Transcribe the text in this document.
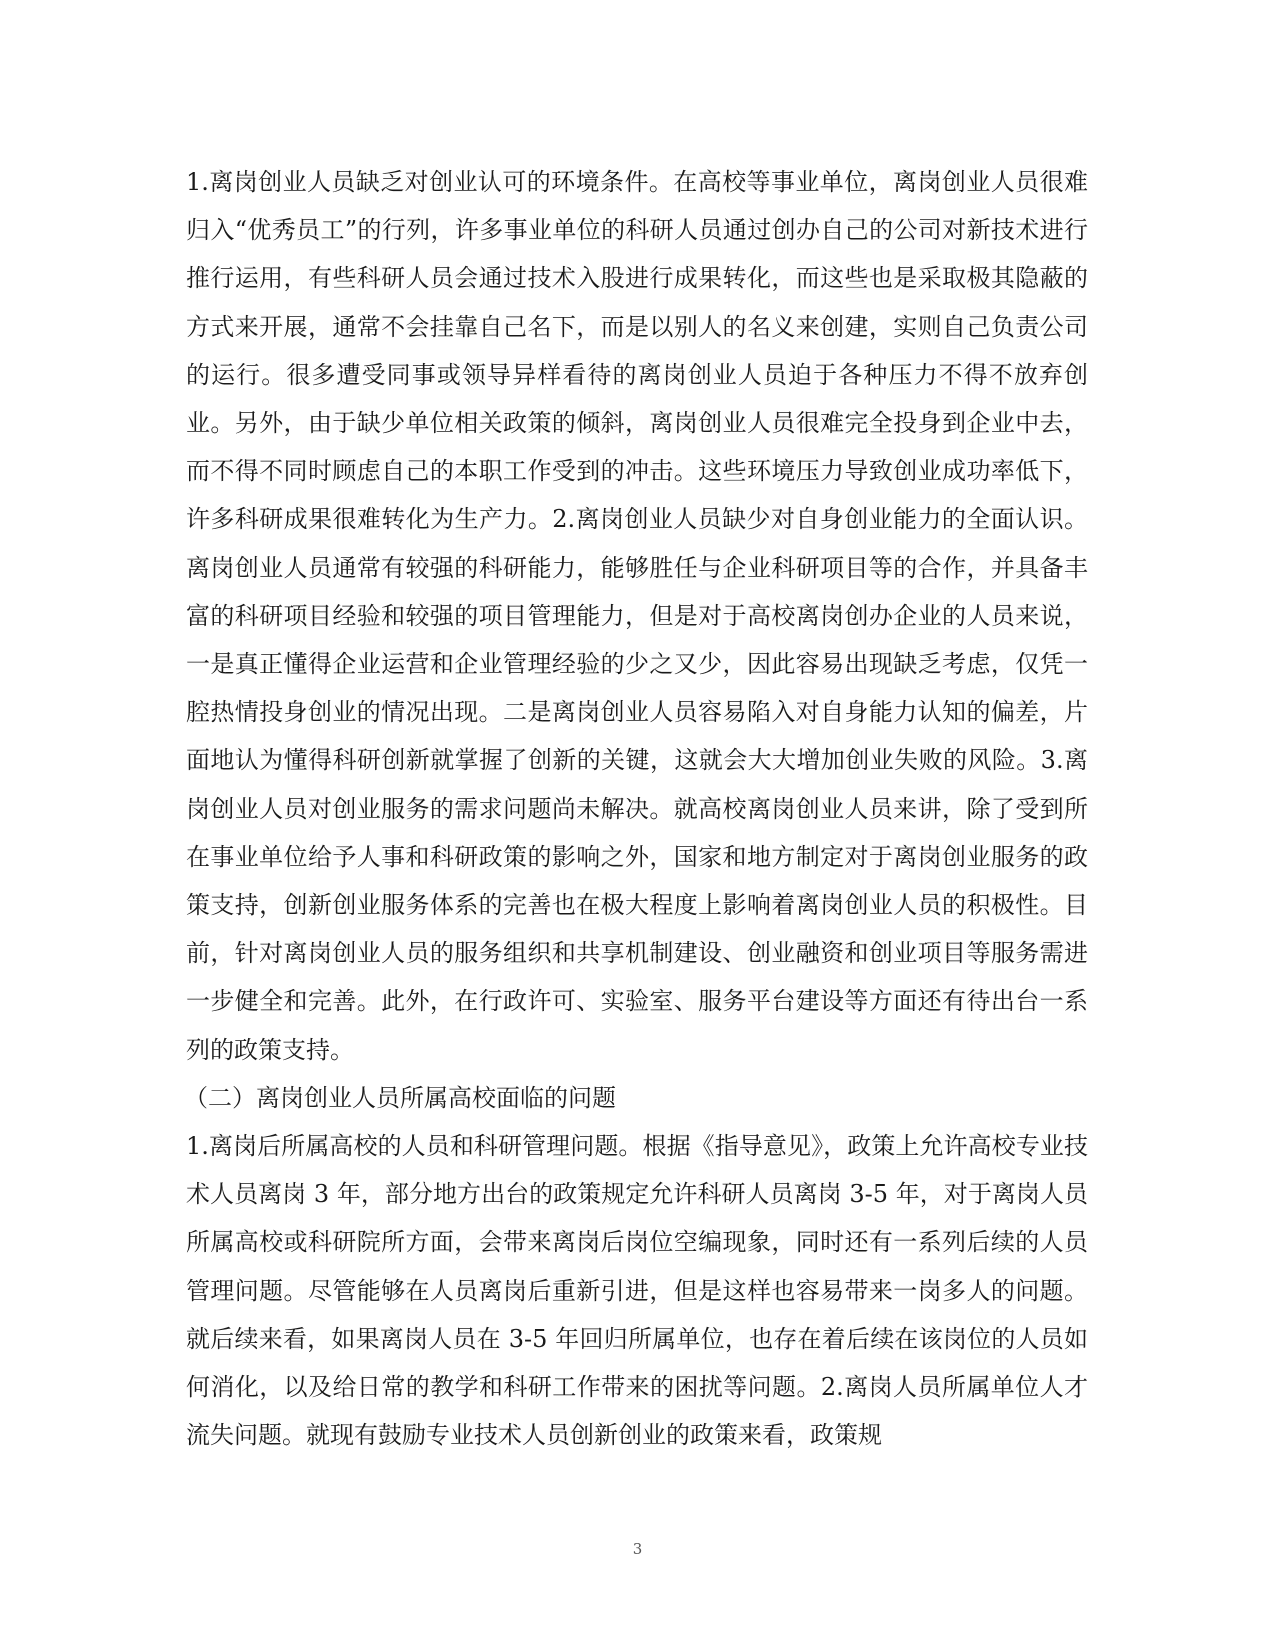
1.离岗创业人员缺乏对创业认可的环境条件。在高校等事业单位，离岗创业人员很难归入“优秀员工”的行列，许多事业单位的科研人员通过创办自己的公司对新技术进行推行运用，有些科研人员会通过技术入股进行成果转化，而这些也是采取极其隐蔽的方式来开展，通常不会挂靠自己名下，而是以别人的名义来创建，实则自己负责公司的运行。很多遭受同事或领导异样看待的离岗创业人员迫于各种压力不得不放弃创业。另外，由于缺少单位相关政策的倾斜，离岗创业人员很难完全投身到企业中去，而不得不同时顾虑自己的本职工作受到的冲击。这些环境压力导致创业成功率低下，许多科研成果很难转化为生产力。2.离岗创业人员缺少对自身创业能力的全面认识。离岗创业人员通常有较强的科研能力，能够胜任与企业科研项目等的合作，并具备丰富的科研项目经验和较强的项目管理能力，但是对于高校离岗创办企业的人员来说，一是真正懂得企业运营和企业管理经验的少之又少，因此容易出现缺乏考虑，仅凭一腔热情投身创业的情况出现。二是离岗创业人员容易陷入对自身能力认知的偏差，片面地认为懂得科研创新就掌握了创新的关键，这就会大大增加创业失败的风险。3.离岗创业人员对创业服务的需求问题尚未解决。就高校离岗创业人员来讲，除了受到所在事业单位给予人事和科研政策的影响之外，国家和地方制定对于离岗创业服务的政策支持，创新创业服务体系的完善也在极大程度上影响着离岗创业人员的积极性。目前，针对离岗创业人员的服务组织和共享机制建设、创业融资和创业项目等服务需进一步健全和完善。此外，在行政许可、实验室、服务平台建设等方面还有待出台一系列的政策支持。

（二）离岗创业人员所属高校面临的问题

1.离岗后所属高校的人员和科研管理问题。根据《指导意见》，政策上允许高校专业技术人员离岗 3 年，部分地方出台的政策规定允许科研人员离岗 3-5 年，对于离岗人员所属高校或科研院所方面，会带来离岗后岗位空编现象，同时还有一系列后续的人员管理问题。尽管能够在人员离岗后重新引进，但是这样也容易带来一岗多人的问题。就后续来看，如果离岗人员在 3-5 年回归所属单位，也存在着后续在该岗位的人员如何消化，以及给日常的教学和科研工作带来的困扰等问题。2.离岗人员所属单位人才流失问题。就现有鼓励专业技术人员创新创业的政策来看，政策规

3
